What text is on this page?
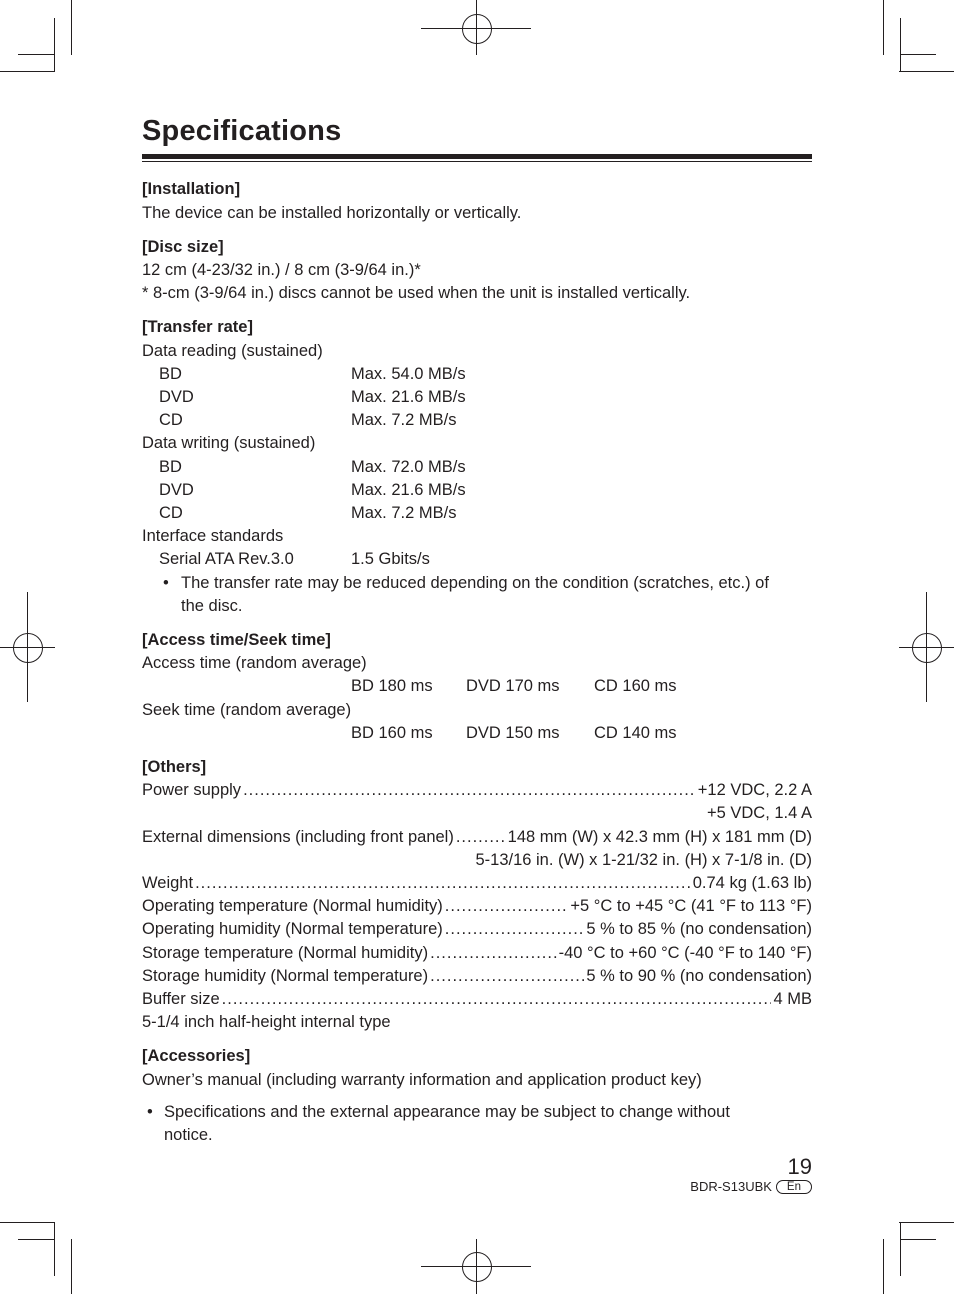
Specifications
[Installation]
The device can be installed horizontally or vertically.
[Disc size]
12 cm (4-23/32 in.) / 8 cm (3-9/64 in.)*
* 8-cm (3-9/64 in.) discs cannot be used when the unit is installed vertically.
[Transfer rate]
Data reading (sustained)
BD	Max. 54.0 MB/s
DVD	Max. 21.6 MB/s
CD	Max. 7.2 MB/s
Data writing (sustained)
BD	Max. 72.0 MB/s
DVD	Max. 21.6 MB/s
CD	Max. 7.2 MB/s
Interface standards
Serial ATA Rev.3.0	1.5 Gbits/s
• The transfer rate may be reduced depending on the condition (scratches, etc.) of
the disc.
[Access time/Seek time]
Access time (random average)
BD 180 ms DVD 170 ms CD 160 ms
Seek time (random average)
BD 160 ms DVD 150 ms CD 140 ms
[Others]
Power supply .....	+12 VDC, 2.2 A
+5 VDC, 1.4 A
External dimensions (including front panel) .....	148 mm (W) x 42.3 mm (H) x 181 mm (D)
5-13/16 in. (W) x 1-21/32 in. (H) x 7-1/8 in. (D)
Weight .....	0.74 kg (1.63 lb)
Operating temperature (Normal humidity) .....	+5 °C to +45 °C (41 °F to 113 °F)
Operating humidity (Normal temperature) .....	5 % to 85 % (no condensation)
Storage temperature (Normal humidity) .....	-40 °C to +60 °C (-40 °F to 140 °F)
Storage humidity (Normal temperature) .....	5 % to 90 % (no condensation)
Buffer size .....	4 MB
5-1/4 inch half-height internal type
[Accessories]
Owner’s manual (including warranty information and application product key)
• Specifications and the external appearance may be subject to change without
notice.
19
BDR-S13UBK	En
